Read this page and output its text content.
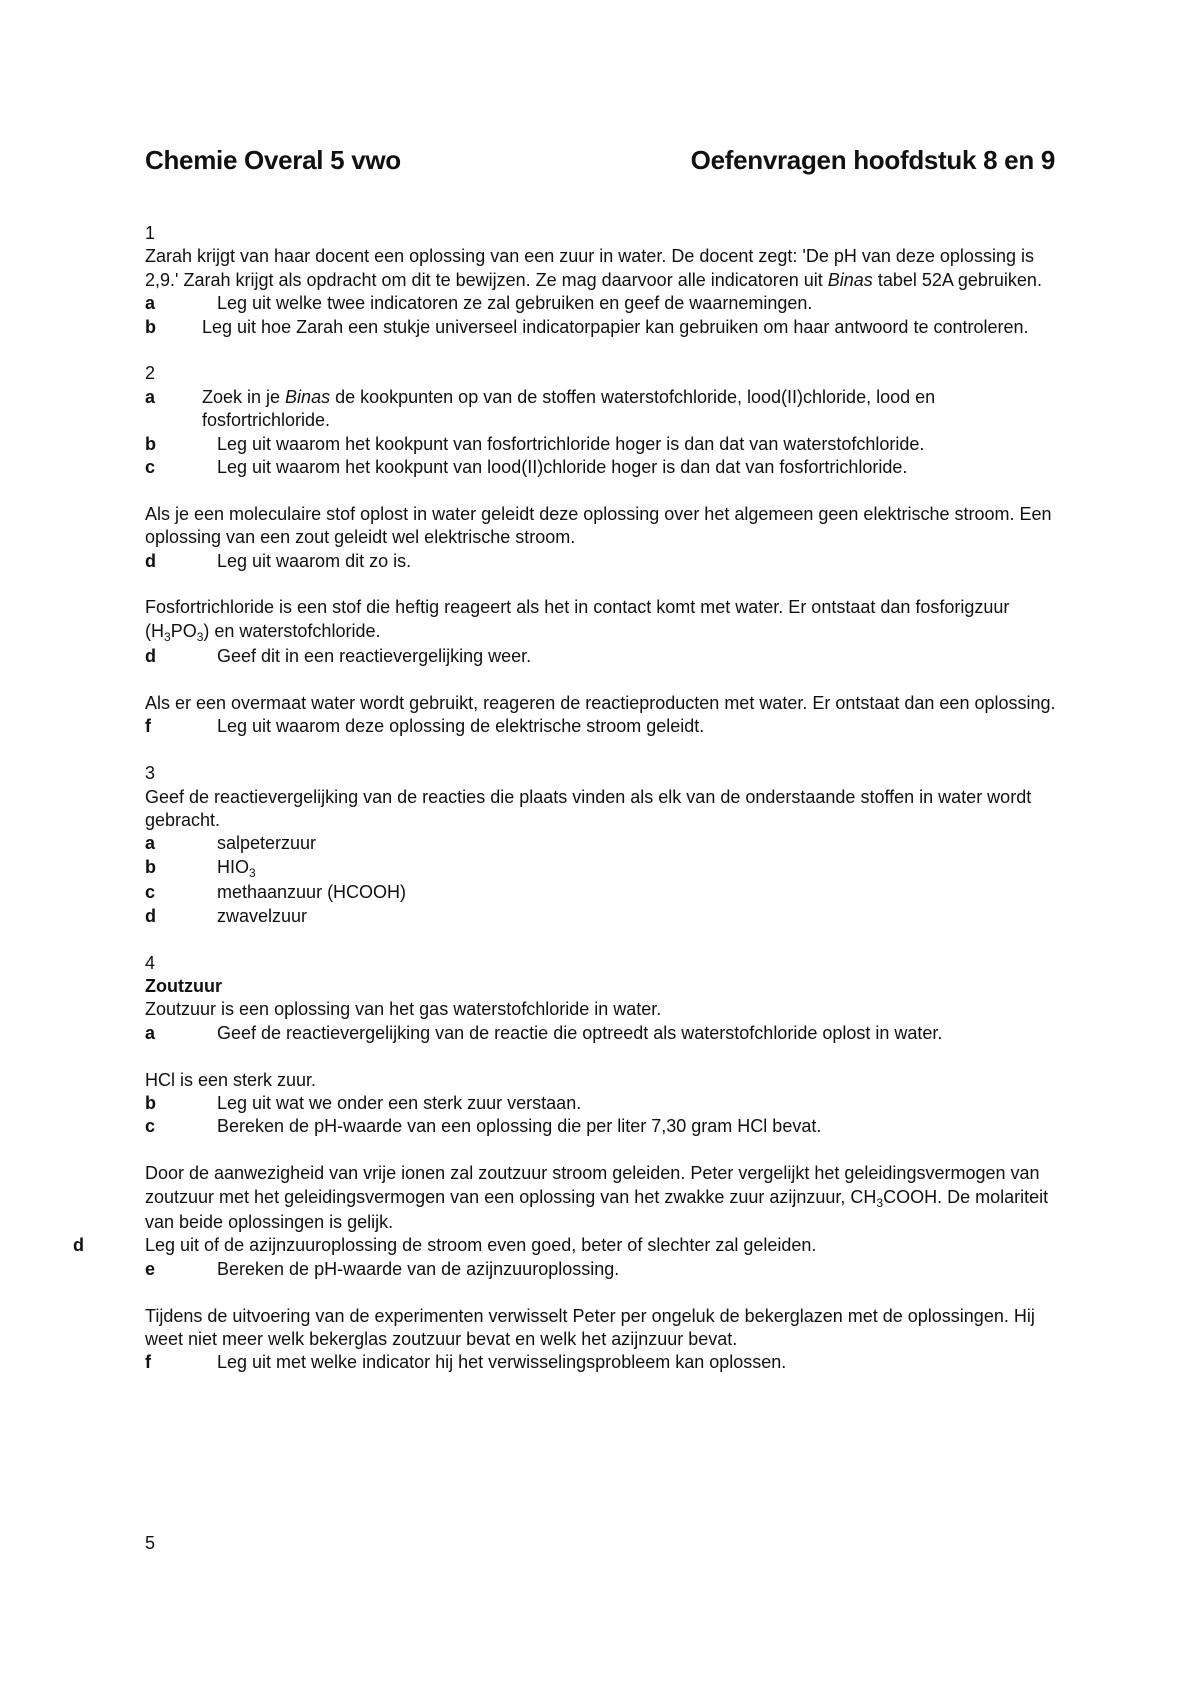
Chemie Overal 5 vwo	Oefenvragen hoofdstuk 8 en 9

1

Zarah krijgt van haar docent een oplossing van een zuur in water. De docent zegt: 'De pH van deze oplossing is 2,9.' Zarah krijgt als opdracht om dit te bewijzen. Ze mag daarvoor alle indicatoren uit Binas tabel 52A gebruiken.

a	Leg uit welke twee indicatoren ze zal gebruiken en geef de waarnemingen.
b	Leg uit hoe Zarah een stukje universeel indicatorpapier kan gebruiken om haar antwoord te controleren.

2

a	Zoek in je Binas de kookpunten op van de stoffen waterstofchloride, lood(II)chloride, lood en fosfortrichloride.
b	Leg uit waarom het kookpunt van fosfortrichloride hoger is dan dat van waterstofchloride.
c	Leg uit waarom het kookpunt van lood(II)chloride hoger is dan dat van fosfortrichloride.

Als je een moleculaire stof oplost in water geleidt deze oplossing over het algemeen geen elektrische stroom. Een oplossing van een zout geleidt wel elektrische stroom.

d	Leg uit waarom dit zo is.

Fosfortrichloride is een stof die heftig reageert als het in contact komt met water. Er ontstaat dan fosforigzuur $(H_3PO_3)$ en waterstofchloride.

d	Geef dit in een reactievergelijking weer.

Als er een overmaat water wordt gebruikt, reageren de reactieproducten met water. Er ontstaat dan een oplossing.

f	Leg uit waarom deze oplossing de elektrische stroom geleidt.

3

Geef de reactievergelijking van de reacties die plaats vinden als elk van de onderstaande stoffen in water wordt gebracht.

a	salpeterzuur
b	$HIO_3$
c	methaanzuur (HCOOH)
d	zwavelzuur

4

Zoutzuur

Zoutzuur is een oplossing van het gas waterstofchloride in water.

a	Geef de reactievergelijking van de reactie die optreedt als waterstofchloride oplost in water.

HCl is een sterk zuur.

b	Leg uit wat we onder een sterk zuur verstaan.
c	Bereken de pH-waarde van een oplossing die per liter 7,30 gram HCl bevat.

Door de aanwezigheid van vrije ionen zal zoutzuur stroom geleiden. Peter vergelijkt het geleidingsvermogen van zoutzuur met het geleidingsvermogen van een oplossing van het zwakke zuur azijnzuur, $CH_3COOH$. De molariteit van beide oplossingen is gelijk.

d	Leg uit of de azijnzuuroplossing de stroom even goed, beter of slechter zal geleiden.

e	Bereken de pH-waarde van de azijnzuuroplossing.

Tijdens de uitvoering van de experimenten verwisselt Peter per ongeluk de bekerglazen met de oplossingen. Hij weet niet meer welk bekerglas zoutzuur bevat en welk het azijnzuur bevat.

f	Leg uit met welke indicator hij het verwisselingsprobleem kan oplossen.
5
